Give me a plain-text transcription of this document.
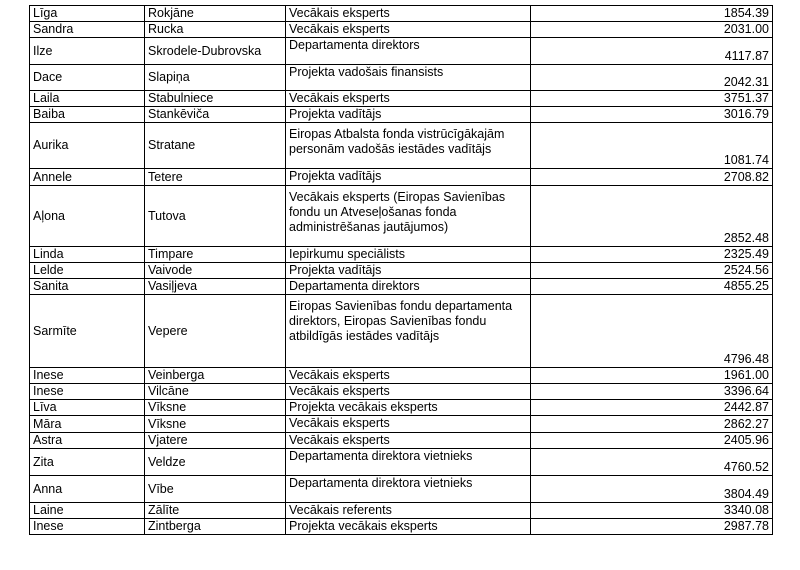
Līga	Rokjāne	Vecākais eksperts	1854.39
Sandra	Rucka	Vecākais eksperts	2031.00
Ilze	Skrodele-Dubrovska	Departamenta direktors	4117.87
Dace	Slapiņa	Projekta vadošais finansists	2042.31
Laila	Stabulniece	Vecākais eksperts	3751.37
Baiba	Stankēviča	Projekta vadītājs	3016.79
Aurika	Stratane	Eiropas Atbalsta fonda vistrūcīgākajām
personām vadošās iestādes vadītājs	1081.74
Annele	Tetere	Projekta vadītājs	2708.82
Aļona	Tutova	Vecākais eksperts (Eiropas Savienības
fondu un Atveseļošanas fonda
administrēšanas jautājumos)	2852.48
Linda	Timpare	Iepirkumu speciālists	2325.49
Lelde	Vaivode	Projekta vadītājs	2524.56
Sanita	Vasiļjeva	Departamenta direktors	4855.25
Sarmīte	Vepere	Eiropas Savienības fondu departamenta
direktors, Eiropas Savienības fondu
atbildīgās iestādes vadītājs	4796.48
Inese	Veinberga	Vecākais eksperts	1961.00
Inese	Vilcāne	Vecākais eksperts	3396.64
Līva	Vīksne	Projekta vecākais eksperts	2442.87
Māra	Vīksne	Vecākais eksperts	2862.27
Astra	Vjatere	Vecākais eksperts	2405.96
Zita	Veldze	Departamenta direktora vietnieks	4760.52
Anna	Vībe	Departamenta direktora vietnieks	3804.49
Laine	Zālīte	Vecākais referents	3340.08
Inese	Zintberga	Projekta vecākais eksperts	2987.78
